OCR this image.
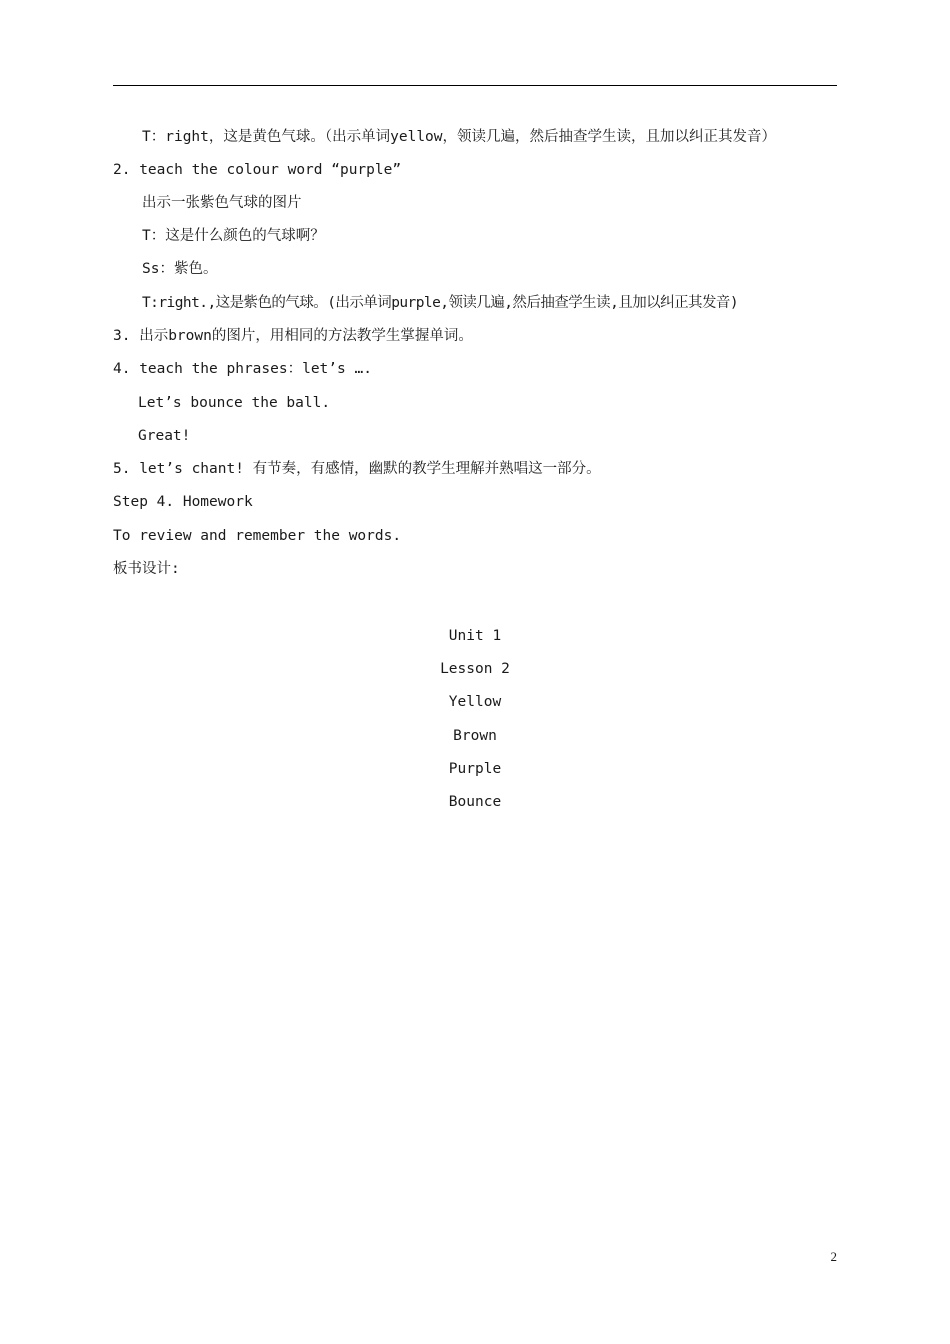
T：right，这是黄色气球。（出示单词yellow，领读几遍，然后抽查学生读，且加以纠正其发音）
2. teach the colour word “purple”
出示一张紫色气球的图片
T：这是什么颜色的气球啊？
Ss：紫色。
T:right.,这是紫色的气球。(出示单词purple,领读几遍,然后抽查学生读,且加以纠正其发音)
3. 出示brown的图片，用相同的方法教学生掌握单词。
4. teach the phrases：let’s ….
Let’s bounce the ball.
Great!
5. let’s chant! 有节奏，有感情，幽默的教学生理解并熟唱这一部分。
Step 4. Homework
To review and remember the words.
板书设计:
Unit 1
Lesson 2
Yellow
Brown
Purple
Bounce
2
